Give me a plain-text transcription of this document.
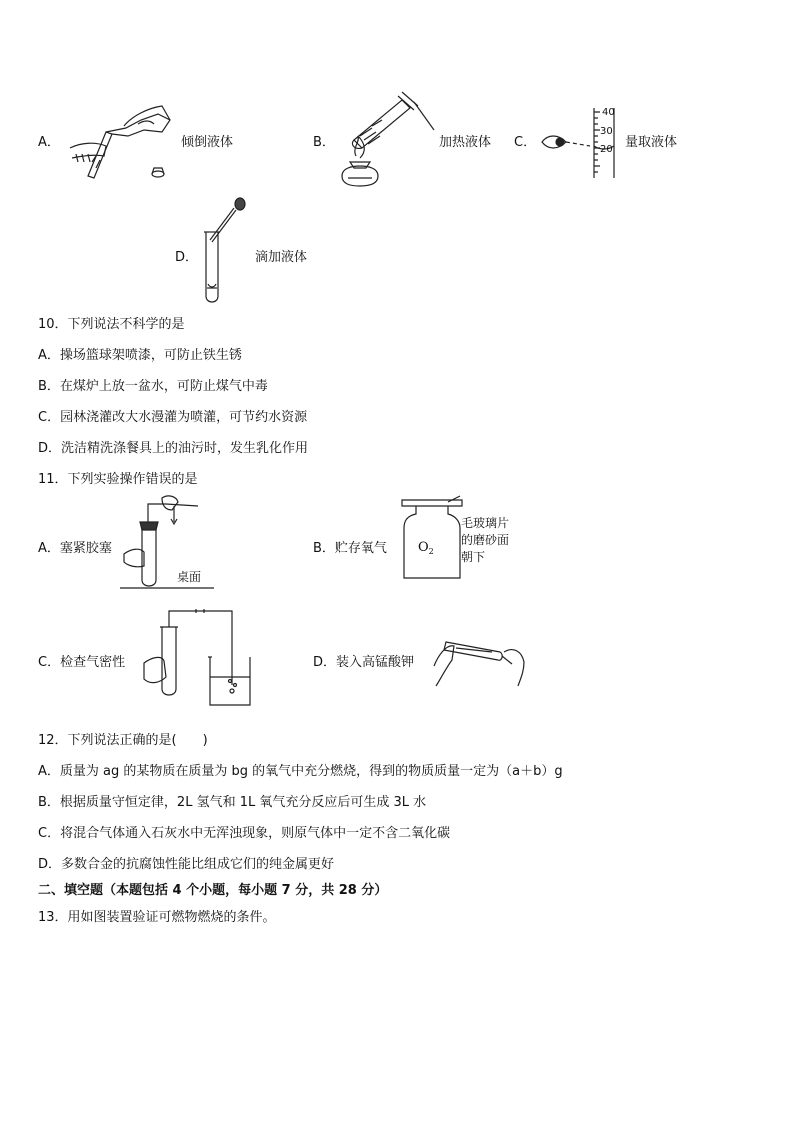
A．	倾倒液体	B．	加热液体 C．
40
30
20 量取液体
D．	滴加液体
10．下列说法不科学的是
A．操场篮球架喷漆，可防止铁生锈
B．在煤炉上放一盆水，可防止煤气中毒
C．园林浇灌改大水漫灌为喷灌，可节约水资源
D．洗洁精洗涤餐具上的油污时，发生乳化作用
11．下列实验操作错误的是
A．塞紧胶塞
桌面
B．贮存氧气 $O_2$
毛玻璃片
的磨砂面
朝下
C．检查气密性	D．装入高锰酸钾
12．下列说法正确的是(　　)
A．质量为 ag 的某物质在质量为 bg 的氧气中充分燃烧，得到的物质质量一定为（a＋b）g
B．根据质量守恒定律，2L 氢气和 1L 氧气充分反应后可生成 3L 水
C．将混合气体通入石灰水中无浑浊现象，则原气体中一定不含二氧化碳
D．多数合金的抗腐蚀性能比组成它们的纯金属更好
二、填空题（本题包括 4 个小题，每小题 7 分，共 28 分）
13．用如图装置验证可燃物燃烧的条件。
